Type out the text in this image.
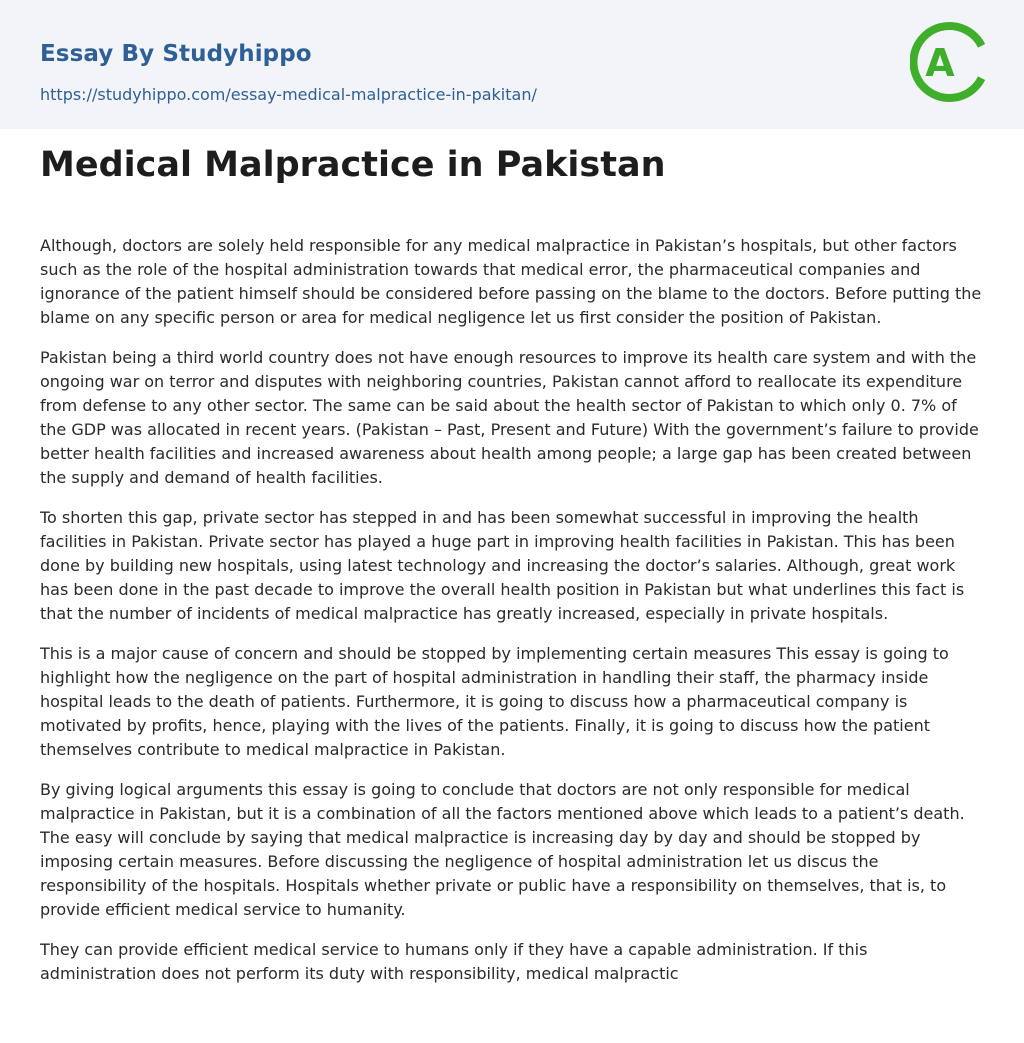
Essay By Studyhippo
https://studyhippo.com/essay-medical-malpractice-in-pakitan/
A
Medical Malpractice in Pakistan

Although, doctors are solely held responsible for any medical malpractice in Pakistan’s hospitals, but other factors such as the role of the hospital administration towards that medical error, the pharmaceutical companies and ignorance of the patient himself should be considered before passing on the blame to the doctors. Before putting the blame on any specific person or area for medical negligence let us first consider the position of Pakistan.

Pakistan being a third world country does not have enough resources to improve its health care system and with the ongoing war on terror and disputes with neighboring countries, Pakistan cannot afford to reallocate its expenditure from defense to any other sector. The same can be said about the health sector of Pakistan to which only 0. 7% of the GDP was allocated in recent years. (Pakistan – Past, Present and Future) With the government’s failure to provide better health facilities and increased awareness about health among people; a large gap has been created between the supply and demand of health facilities.

To shorten this gap, private sector has stepped in and has been somewhat successful in improving the health facilities in Pakistan. Private sector has played a huge part in improving health facilities in Pakistan. This has been done by building new hospitals, using latest technology and increasing the doctor’s salaries. Although, great work has been done in the past decade to improve the overall health position in Pakistan but what underlines this fact is that the number of incidents of medical malpractice has greatly increased, especially in private hospitals.

This is a major cause of concern and should be stopped by implementing certain measures This essay is going to highlight how the negligence on the part of hospital administration in handling their staff, the pharmacy inside hospital leads to the death of patients. Furthermore, it is going to discuss how a pharmaceutical company is motivated by profits, hence, playing with the lives of the patients. Finally, it is going to discuss how the patient themselves contribute to medical malpractice in Pakistan.

By giving logical arguments this essay is going to conclude that doctors are not only responsible for medical malpractice in Pakistan, but it is a combination of all the factors mentioned above which leads to a patient’s death. The easy will conclude by saying that medical malpractice is increasing day by day and should be stopped by imposing certain measures. Before discussing the negligence of hospital administration let us discus the responsibility of the hospitals. Hospitals whether private or public have a responsibility on themselves, that is, to provide efficient medical service to humanity.

They can provide efficient medical service to humans only if they have a capable administration. If this administration does not perform its duty with responsibility, medical malpractic
